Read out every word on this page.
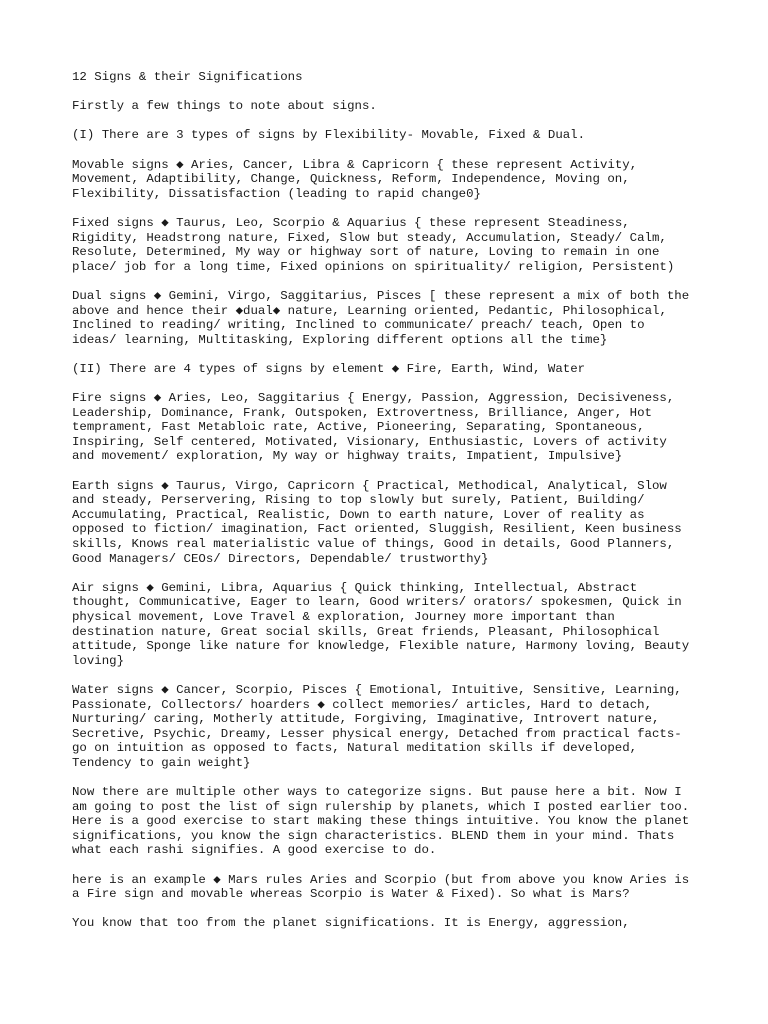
12 Signs & their Significations

Firstly a few things to note about signs.

(I) There are 3 types of signs by Flexibility- Movable, Fixed & Dual.

Movable signs ◆ Aries, Cancer, Libra & Capricorn { these represent Activity,
Movement, Adaptibility, Change, Quickness, Reform, Independence, Moving on,
Flexibility, Dissatisfaction (leading to rapid change0}

Fixed signs ◆ Taurus, Leo, Scorpio & Aquarius { these represent Steadiness,
Rigidity, Headstrong nature, Fixed, Slow but steady, Accumulation, Steady/ Calm,
Resolute, Determined, My way or highway sort of nature, Loving to remain in one
place/ job for a long time, Fixed opinions on spirituality/ religion, Persistent)

Dual signs ◆ Gemini, Virgo, Saggitarius, Pisces [ these represent a mix of both the
above and hence their ◆dual◆ nature, Learning oriented, Pedantic, Philosophical,
Inclined to reading/ writing, Inclined to communicate/ preach/ teach, Open to
ideas/ learning, Multitasking, Exploring different options all the time}

(II) There are 4 types of signs by element ◆ Fire, Earth, Wind, Water

Fire signs ◆ Aries, Leo, Saggitarius { Energy, Passion, Aggression, Decisiveness,
Leadership, Dominance, Frank, Outspoken, Extrovertness, Brilliance, Anger, Hot
temprament, Fast Metabloic rate, Active, Pioneering, Separating, Spontaneous,
Inspiring, Self centered, Motivated, Visionary, Enthusiastic, Lovers of activity
and movement/ exploration, My way or highway traits, Impatient, Impulsive}

Earth signs ◆ Taurus, Virgo, Capricorn { Practical, Methodical, Analytical, Slow
and steady, Perservering, Rising to top slowly but surely, Patient, Building/
Accumulating, Practical, Realistic, Down to earth nature, Lover of reality as
opposed to fiction/ imagination, Fact oriented, Sluggish, Resilient, Keen business
skills, Knows real materialistic value of things, Good in details, Good Planners,
Good Managers/ CEOs/ Directors, Dependable/ trustworthy}

Air signs ◆ Gemini, Libra, Aquarius { Quick thinking, Intellectual, Abstract
thought, Communicative, Eager to learn, Good writers/ orators/ spokesmen, Quick in
physical movement, Love Travel & exploration, Journey more important than
destination nature, Great social skills, Great friends, Pleasant, Philosophical
attitude, Sponge like nature for knowledge, Flexible nature, Harmony loving, Beauty
loving}

Water signs ◆ Cancer, Scorpio, Pisces { Emotional, Intuitive, Sensitive, Learning,
Passionate, Collectors/ hoarders ◆ collect memories/ articles, Hard to detach,
Nurturing/ caring, Motherly attitude, Forgiving, Imaginative, Introvert nature,
Secretive, Psychic, Dreamy, Lesser physical energy, Detached from practical facts-
go on intuition as opposed to facts, Natural meditation skills if developed,
Tendency to gain weight}

Now there are multiple other ways to categorize signs. But pause here a bit. Now I
am going to post the list of sign rulership by planets, which I posted earlier too.
Here is a good exercise to start making these things intuitive. You know the planet
significations, you know the sign characteristics. BLEND them in your mind. Thats
what each rashi signifies. A good exercise to do.

here is an example ◆ Mars rules Aries and Scorpio (but from above you know Aries is
a Fire sign and movable whereas Scorpio is Water & Fixed). So what is Mars?

You know that too from the planet significations. It is Energy, aggression,
